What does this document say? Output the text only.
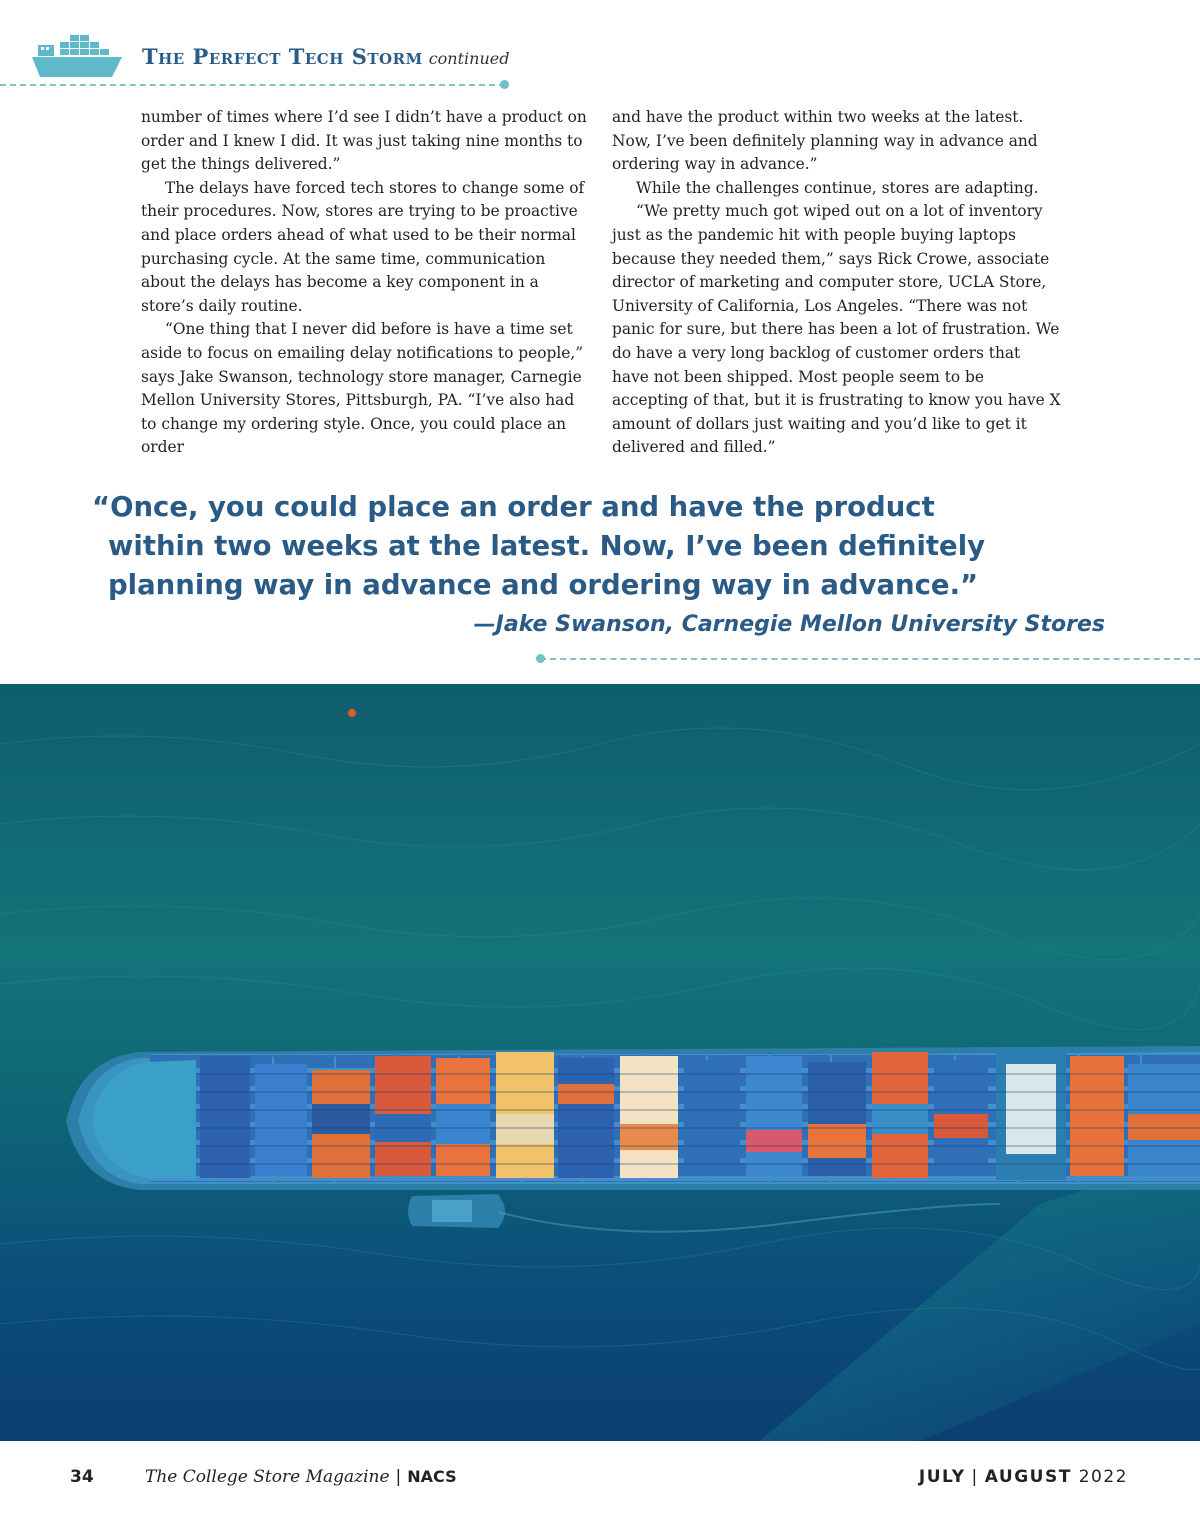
The Perfect Tech Storm continued

number of times where I’d see I didn’t have a product on order and I knew I did. It was just taking nine months to get the things delivered.”

The delays have forced tech stores to change some of their procedures. Now, stores are trying to be proactive and place orders ahead of what used to be their normal purchasing cycle. At the same time, communication about the delays has become a key component in a store’s daily routine.

“One thing that I never did before is have a time set aside to focus on emailing delay notifications to people,” says Jake Swanson, technology store manager, Carnegie Mellon University Stores, Pittsburgh, PA. “I’ve also had to change my ordering style. Once, you could place an order

and have the product within two weeks at the latest. Now, I’ve been definitely planning way in advance and ordering way in advance.”

While the challenges continue, stores are adapting.

“We pretty much got wiped out on a lot of inventory just as the pandemic hit with people buying laptops because they needed them,” says Rick Crowe, associate director of marketing and computer store, UCLA Store, University of California, Los Angeles. “There was not panic for sure, but there has been a lot of frustration. We do have a very long backlog of customer orders that have not been shipped. Most people seem to be accepting of that, but it is frustrating to know you have X amount of dollars just waiting and you’d like to get it delivered and filled.”

“Once, you could place an order and have the product within two weeks at the latest. Now, I’ve been definitely planning way in advance and ordering way in advance.”
—Jake Swanson, Carnegie Mellon University Stores
34	The College Store Magazine | NACS	JULY | AUGUST 2022
